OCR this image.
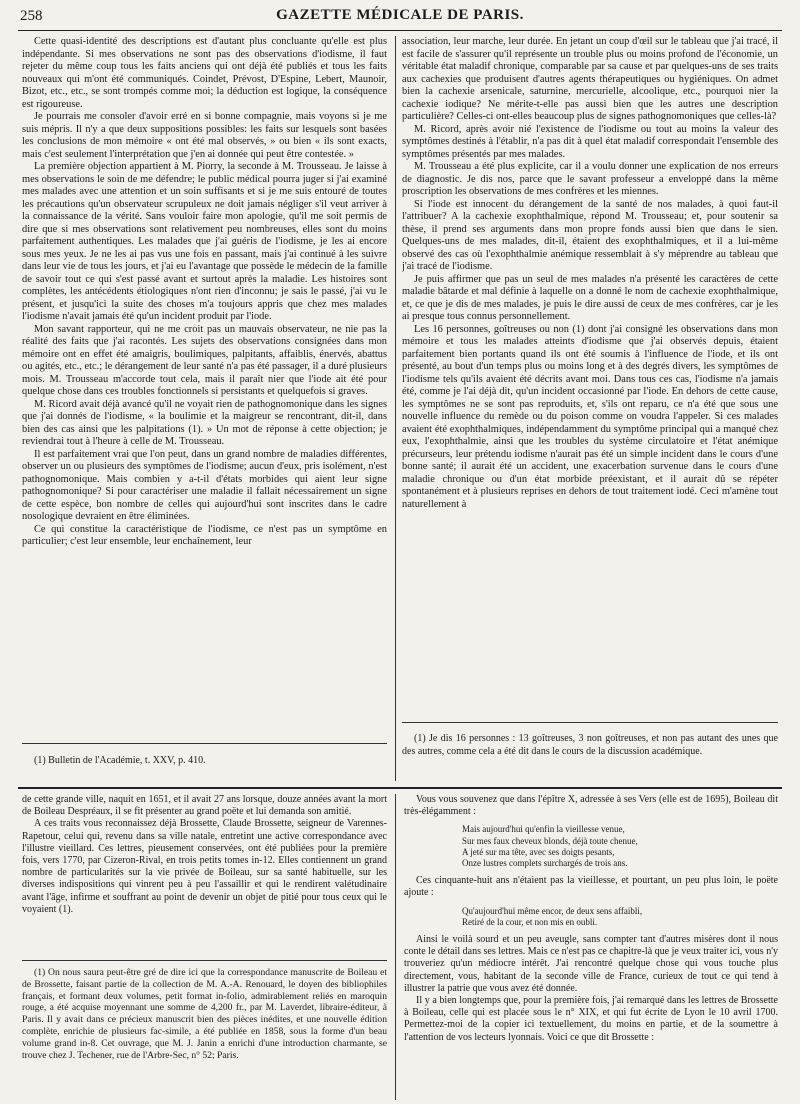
258	GAZETTE MÉDICALE DE PARIS.

Cette quasi-identité des descriptions est d'autant plus concluante qu'elle est plus indépendante. Si mes observations ne sont pas des observations d'iodisme, il faut rejeter du même coup tous les faits anciens qui ont déjà été publiés et tous les faits nouveaux qui m'ont été communiqués. Coindet, Prévost, D'Espine, Lebert, Maunoir, Bizot, etc., etc., se sont trompés comme moi; la déduction est logique, la conséquence est rigoureuse.

Je pourrais me consoler d'avoir erré en si bonne compagnie, mais voyons si je me suis mépris. Il n'y a que deux suppositions possibles: les faits sur lesquels sont basées les conclusions de mon mémoire « ont été mal observés, » ou bien « ils sont exacts, mais c'est seulement l'interprétation que j'en ai donnée qui peut être contestée. »

La première objection appartient à M. Piorry, la seconde à M. Trousseau. Je laisse à mes observations le soin de me défendre; le public médical pourra juger si j'ai examiné mes malades avec une attention et un soin suffisants et si je me suis entouré de toutes les précautions qu'un observateur scrupuleux ne doit jamais négliger s'il veut arriver à la connaissance de la vérité. Sans vouloir faire mon apologie, qu'il me soit permis de dire que si mes observations sont relativement peu nombreuses, elles sont du moins parfaitement authentiques. Les malades que j'ai guéris de l'iodisme, je les ai encore sous mes yeux. Je ne les ai pas vus une fois en passant, mais j'ai continué à les suivre dans leur vie de tous les jours, et j'ai eu l'avantage que possède le médecin de la famille de savoir tout ce qui s'est passé avant et surtout après la maladie. Les histoires sont complètes, les antécédents étiologiques n'ont rien d'inconnu; je sais le passé, j'ai vu le présent, et jusqu'ici la suite des choses m'a toujours appris que chez mes malades l'iodisme n'avait jamais été qu'un incident produit par l'iode.

Mon savant rapporteur, qui ne me croit pas un mauvais observateur, ne nie pas la réalité des faits que j'ai racontés. Les sujets des observations consignées dans mon mémoire ont en effet été amaigris, boulimiques, palpitants, affaiblis, énervés, abattus ou agités, etc., etc.; le dérangement de leur santé n'a pas été passager, il a duré plusieurs mois. M. Trousseau m'accorde tout cela, mais il paraît nier que l'iode ait été pour quelque chose dans ces troubles fonctionnels si persistants et quelquefois si graves.

M. Ricord avait déjà avancé qu'il ne voyait rien de pathognomonique dans les signes que j'ai donnés de l'iodisme, « la boulimie et la maigreur se rencontrant, dit-il, dans bien des cas ainsi que les palpitations (1). » Un mot de réponse à cette objection; je reviendrai tout à l'heure à celle de M. Trousseau.

Il est parfaitement vrai que l'on peut, dans un grand nombre de maladies différentes, observer un ou plusieurs des symptômes de l'iodisme; aucun d'eux, pris isolément, n'est pathognomonique. Mais combien y a-t-il d'états morbides qui aient leur signe pathognomonique? Si pour caractériser une maladie il fallait nécessairement un signe de cette espèce, bon nombre de celles qui aujourd'hui sont inscrites dans le cadre nosologique devraient en être éliminées.

Ce qui constitue la caractéristique de l'iodisme, ce n'est pas un symptôme en particulier; c'est leur ensemble, leur enchaînement, leur

association, leur marche, leur durée. En jetant un coup d'œil sur le tableau que j'ai tracé, il est facile de s'assurer qu'il représente un trouble plus ou moins profond de l'économie, un véritable état maladif chronique, comparable par sa cause et par quelques-uns de ses traits aux cachexies que produisent d'autres agents thérapeutiques ou hygiéniques. On admet bien la cachexie arsenicale, saturnine, mercurielle, alcoolique, etc., pourquoi nier la cachexie iodique? Ne mérite-t-elle pas aussi bien que les autres une description particulière? Celles-ci ont-elles beaucoup plus de signes pathognomoniques que celles-là?

M. Ricord, après avoir nié l'existence de l'iodisme ou tout au moins la valeur des symptômes destinés à l'établir, n'a pas dit à quel état maladif correspondait l'ensemble des symptômes présentés par mes malades.

M. Trousseau a été plus explicite, car il a voulu donner une explication de nos erreurs de diagnostic. Je dis nos, parce que le savant professeur a enveloppé dans la même proscription les observations de mes confrères et les miennes.

Si l'iode est innocent du dérangement de la santé de nos malades, à quoi faut-il l'attribuer? A la cachexie exophthalmique, répond M. Trousseau; et, pour soutenir sa thèse, il prend ses arguments dans mon propre fonds aussi bien que dans le sien. Quelques-uns de mes malades, dit-il, étaient des exophthalmiques, et il a lui-même observé des cas où l'exophthalmie anémique ressemblait à s'y méprendre au tableau que j'ai tracé de l'iodisme.

Je puis affirmer que pas un seul de mes malades n'a présenté les caractères de cette maladie bâtarde et mal définie à laquelle on a donné le nom de cachexie exophthalmique, et, ce que je dis de mes malades, je puis le dire aussi de ceux de mes confrères, car je les ai presque tous connus personnellement.

Les 16 personnes, goîtreuses ou non (1) dont j'ai consigné les observations dans mon mémoire et tous les malades atteints d'iodisme que j'ai observés depuis, étaient parfaitement bien portants quand ils ont été soumis à l'influence de l'iode, et ils ont présenté, au bout d'un temps plus ou moins long et à des degrés divers, les symptômes de l'iodisme tels qu'ils avaient été décrits avant moi. Dans tous ces cas, l'iodisme n'a jamais été, comme je l'ai déjà dit, qu'un incident occasionné par l'iode. En dehors de cette cause, les symptômes ne se sont pas reproduits, et, s'ils ont reparu, ce n'a été que sous une nouvelle influence du remède ou du poison comme on voudra l'appeler. Si ces malades avaient été exophthalmiques, indépendamment du symptôme principal qui a manqué chez eux, l'exophthalmie, ainsi que les troubles du système circulatoire et l'état anémique précurseurs, leur prétendu iodisme n'aurait pas été un simple incident dans le cours d'une bonne santé; il aurait été un accident, une exacerbation survenue dans le cours d'une maladie chronique ou d'un état morbide préexistant, et il aurait dû se répéter spontanément et à plusieurs reprises en dehors de tout traitement iodé. Ceci m'amène tout naturellement à

(1) Je dis 16 personnes : 13 goîtreuses, 3 non goîtreuses, et non pas autant des unes que des autres, comme cela a été dit dans le cours de la discussion académique.

(1) Bulletin de l'Académie, t. XXV, p. 410.

de cette grande ville, naquit en 1651, et il avait 27 ans lorsque, douze années avant la mort de Boileau Despréaux, il se fit présenter au grand poëte et lui demanda son amitié.

A ces traits vous reconnaissez déjà Brossette, Claude Brossette, seigneur de Varennes-Rapetour, celui qui, revenu dans sa ville natale, entretint une active correspondance avec l'illustre vieillard. Ces lettres, pieusement conservées, ont été publiées pour la première fois, vers 1770, par Cizeron-Rival, en trois petits tomes in-12. Elles contiennent un grand nombre de particularités sur la vie privée de Boileau, sur sa santé habituelle, sur les diverses indispositions qui vinrent peu à peu l'assaillir et qui le rendirent valétudinaire avant l'âge, infirme et souffrant au point de devenir un objet de pitié pour tous ceux qui le voyaient (1).

(1) On nous saura peut-être gré de dire ici que la correspondance manuscrite de Boileau et de Brossette, faisant partie de la collection de M. A.-A. Renouard, le doyen des bibliophiles français, et formant deux volumes, petit format in-folio, admirablement reliés en maroquin rouge, a été acquise moyennant une somme de 4,200 fr., par M. Laverdet, libraire-éditeur, à Paris. Il y avait dans ce précieux manuscrit bien des pièces inédites, et une nouvelle édition complète, enrichie de plusieurs fac-simile, a été publiée en 1858, sous la forme d'un beau volume grand in-8. Cet ouvrage, que M. J. Janin a enrichi d'une introduction charmante, se trouve chez J. Techener, rue de l'Arbre-Sec, n° 52; Paris.

Vous vous souvenez que dans l'épître X, adressée à ses Vers (elle est de 1695), Boileau dit très-élégamment :

Mais aujourd'hui qu'enfin la vieillesse venue,
Sur mes faux cheveux blonds, déjà toute chenue,
A jeté sur ma tête, avec ses doigts pesants,
Onze lustres complets surchargés de trois ans.

Ces cinquante-huit ans n'étaient pas la vieillesse, et pourtant, un peu plus loin, le poëte ajoute :

Qu'aujourd'hui même encor, de deux sens affaibli,
Retiré de la cour, et non mis en oubli.

Ainsi le voilà sourd et un peu aveugle, sans compter tant d'autres misères dont il nous conte le détail dans ses lettres. Mais ce n'est pas ce chapitre-là que je veux traiter ici, vous n'y trouveriez qu'un médiocre intérêt. J'ai rencontré quelque chose qui vous touche plus directement, vous, habitant de la seconde ville de France, curieux de tout ce qui tend à illustrer la patrie que vous avez été donnée.

Il y a bien longtemps que, pour la première fois, j'ai remarqué dans les lettres de Brossette à Boileau, celle qui est placée sous le n° XIX, et qui fut écrite de Lyon le 10 avril 1700. Permettez-moi de la copier ici textuellement, du moins en partie, et de la soumettre à l'attention de vos lecteurs lyonnais. Voici ce que dit Brossette :
